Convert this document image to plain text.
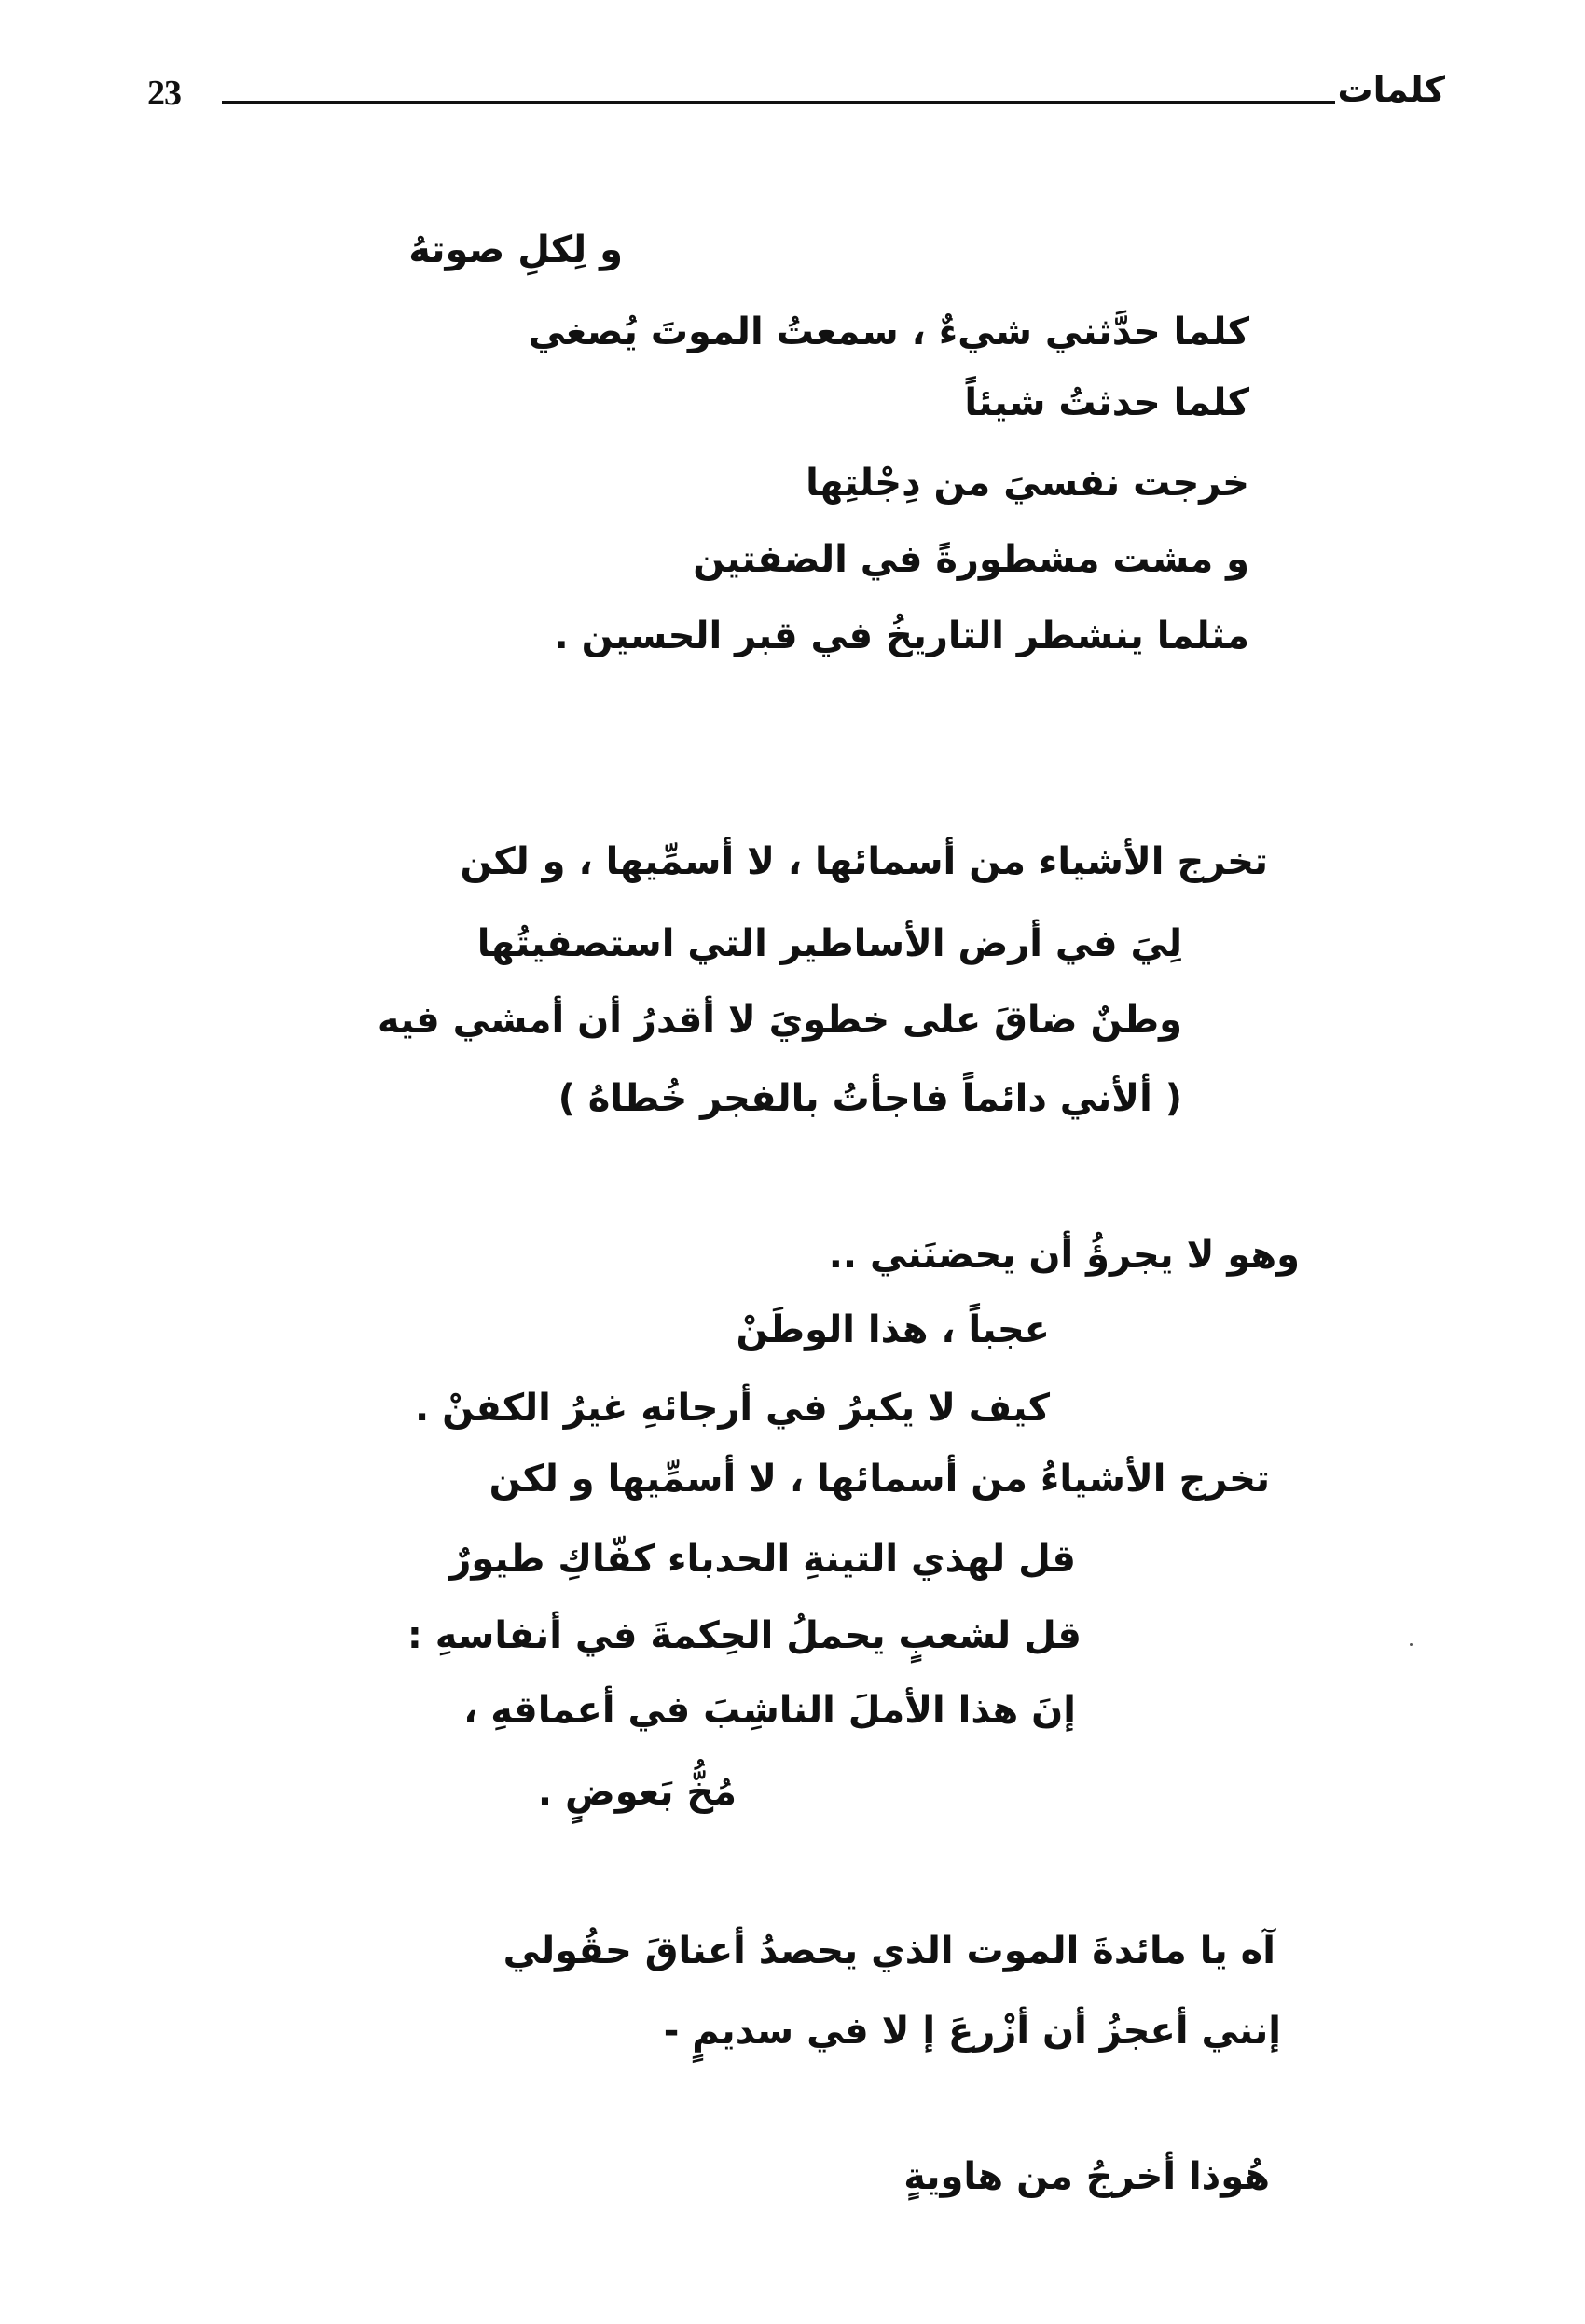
23	كلمات
و لِكلِ صوتهُ
كلما حدَّثني شيءٌ ، سمعتُ الموتَ يُصغي
كلما حدثتُ شيئاً
خرجت نفسيَ من دِجْلتِها
و مشت مشطورةً في الضفتين
مثلما ينشطر التاريخُ في قبر الحسين .
تخرج الأشياء من أسمائها ، لا أسمِّيها ، و لكن
لِيَ في أرض الأساطير التي استصفيتُها
وطنٌ ضاقَ على خطويَ لا أقدرُ أن أمشي فيه
( ألأني دائماً فاجأتُ بالفجر خُطاهُ )
وهو لا يجرؤُ أن يحضنَني ..
عجباً ، هذا الوطَنْ
كيف لا يكبرُ في أرجائهِ غيرُ الكفنْ .
تخرج الأشياءُ من أسمائها ، لا أسمِّيها و لكن
قل لهذي التينةِ الحدباء كفّاكِ طيورٌ
قل لشعبٍ يحملُ الحِكمةَ في أنفاسهِ :
إنَ هذا الأملَ الناشِبَ في أعماقهِ ،
مُخُّ بَعوضٍ .
آه يا مائدةَ الموت الذي يحصدُ أعناقَ حقُولي
إنني أعجزُ أن أزْرعَ إ لا في سديمٍ -
هُوذا أخرجُ من هاويةٍ
